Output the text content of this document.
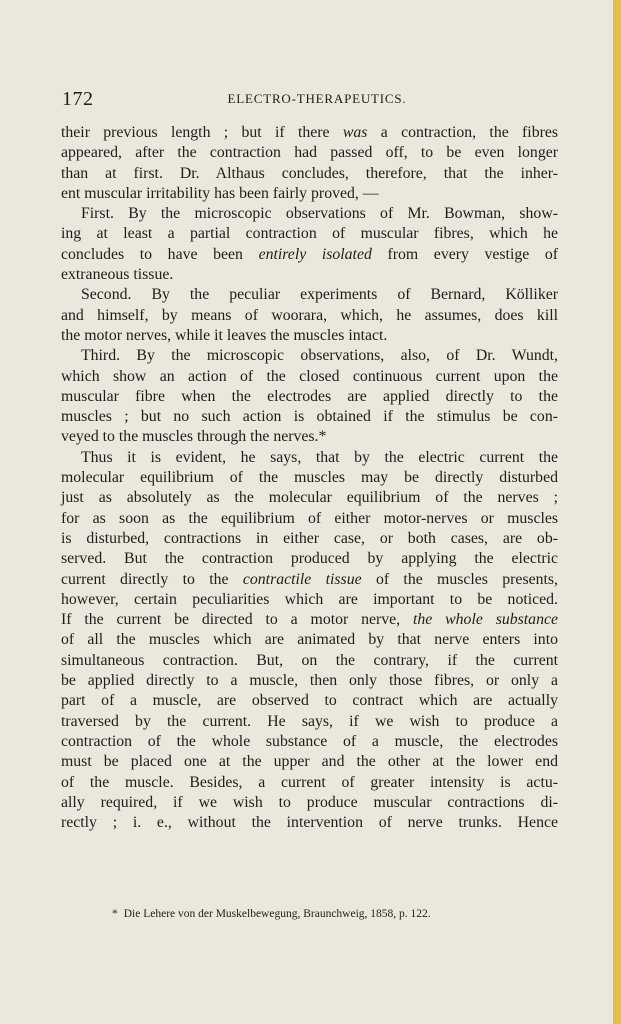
172	ELECTRO-THERAPEUTICS.
their previous length ; but if there was a contraction, the fibres
appeared, after the contraction had passed off, to be even longer
than at first. Dr. Althaus concludes, therefore, that the inher-
ent muscular irritability has been fairly proved, —
First. By the microscopic observations of Mr. Bowman, show-
ing at least a partial contraction of muscular fibres, which he
concludes to have been entirely isolated from every vestige of
extraneous tissue.
Second. By the peculiar experiments of Bernard, Kölliker
and himself, by means of woorara, which, he assumes, does kill
the motor nerves, while it leaves the muscles intact.
Third. By the microscopic observations, also, of Dr. Wundt,
which show an action of the closed continuous current upon the
muscular fibre when the electrodes are applied directly to the
muscles ; but no such action is obtained if the stimulus be con-
veyed to the muscles through the nerves.*
Thus it is evident, he says, that by the electric current the
molecular equilibrium of the muscles may be directly disturbed
just as absolutely as the molecular equilibrium of the nerves ;
for as soon as the equilibrium of either motor-nerves or muscles
is disturbed, contractions in either case, or both cases, are ob-
served. But the contraction produced by applying the electric
current directly to the contractile tissue of the muscles presents,
however, certain peculiarities which are important to be noticed.
If the current be directed to a motor nerve, the whole substance
of all the muscles which are animated by that nerve enters into
simultaneous contraction. But, on the contrary, if the current
be applied directly to a muscle, then only those fibres, or only a
part of a muscle, are observed to contract which are actually
traversed by the current. He says, if we wish to produce a
contraction of the whole substance of a muscle, the electrodes
must be placed one at the upper and the other at the lower end
of the muscle. Besides, a current of greater intensity is actu-
ally required, if we wish to produce muscular contractions di-
rectly ; i. e., without the intervention of nerve trunks. Hence
* Die Lehere von der Muskelbewegung, Braunchweig, 1858, p. 122.
